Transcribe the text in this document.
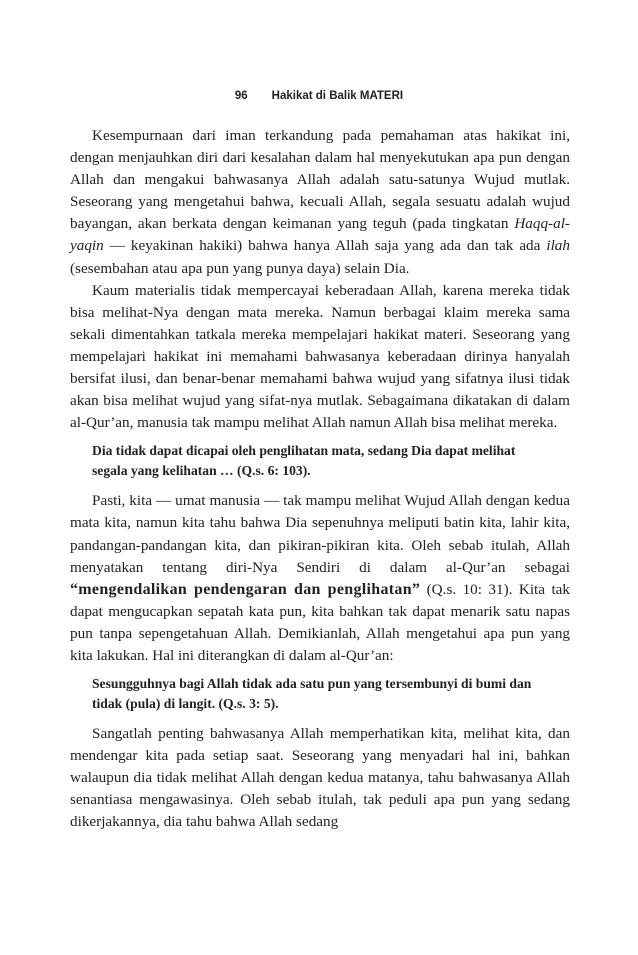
96 Hakikat di Balik MATERI

Kesempurnaan dari iman terkandung pada pemahaman atas hakikat ini, dengan menjauhkan diri dari kesalahan dalam hal menyekutukan apa pun dengan Allah dan mengakui bahwasanya Allah adalah satu-satunya Wujud mutlak. Seseorang yang mengetahui bahwa, kecuali Allah, segala sesuatu adalah wujud bayangan, akan berkata dengan keimanan yang teguh (pada tingkatan Haqq-al-yaqin — keyakinan hakiki) bahwa hanya Allah saja yang ada dan tak ada ilah (sesembahan atau apa pun yang punya daya) selain Dia.

Kaum materialis tidak mempercayai keberadaan Allah, karena mereka tidak bisa melihat-Nya dengan mata mereka. Namun berbagai klaim mereka sama sekali dimentahkan tatkala mereka mempelajari hakikat materi. Seseorang yang mempelajari hakikat ini memahami bahwasanya keberadaan dirinya hanyalah bersifat ilusi, dan benar-benar memahami bahwa wujud yang sifatnya ilusi tidak akan bisa melihat wujud yang sifat-nya mutlak. Sebagaimana dikatakan di dalam al-Qur’an, manusia tak mampu melihat Allah namun Allah bisa melihat mereka.

Dia tidak dapat dicapai oleh penglihatan mata, sedang Dia dapat melihat segala yang kelihatan … (Q.s. 6: 103).

Pasti, kita — umat manusia — tak mampu melihat Wujud Allah dengan kedua mata kita, namun kita tahu bahwa Dia sepenuhnya meliputi batin kita, lahir kita, pandangan-pandangan kita, dan pikiran-pikiran kita. Oleh sebab itulah, Allah menyatakan tentang diri-Nya Sendiri di dalam al-Qur’an sebagai “mengendalikan pendengaran dan penglihatan” (Q.s. 10: 31). Kita tak dapat mengucapkan sepatah kata pun, kita bahkan tak dapat menarik satu napas pun tanpa sepengetahuan Allah. Demikianlah, Allah mengetahui apa pun yang kita lakukan. Hal ini diterangkan di dalam al-Qur’an:

Sesungguhnya bagi Allah tidak ada satu pun yang tersembunyi di bumi dan tidak (pula) di langit. (Q.s. 3: 5).

Sangatlah penting bahwasanya Allah memperhatikan kita, melihat kita, dan mendengar kita pada setiap saat. Seseorang yang menyadari hal ini, bahkan walaupun dia tidak melihat Allah dengan kedua matanya, tahu bahwasanya Allah senantiasa mengawasinya. Oleh sebab itulah, tak peduli apa pun yang sedang dikerjakannya, dia tahu bahwa Allah sedang
